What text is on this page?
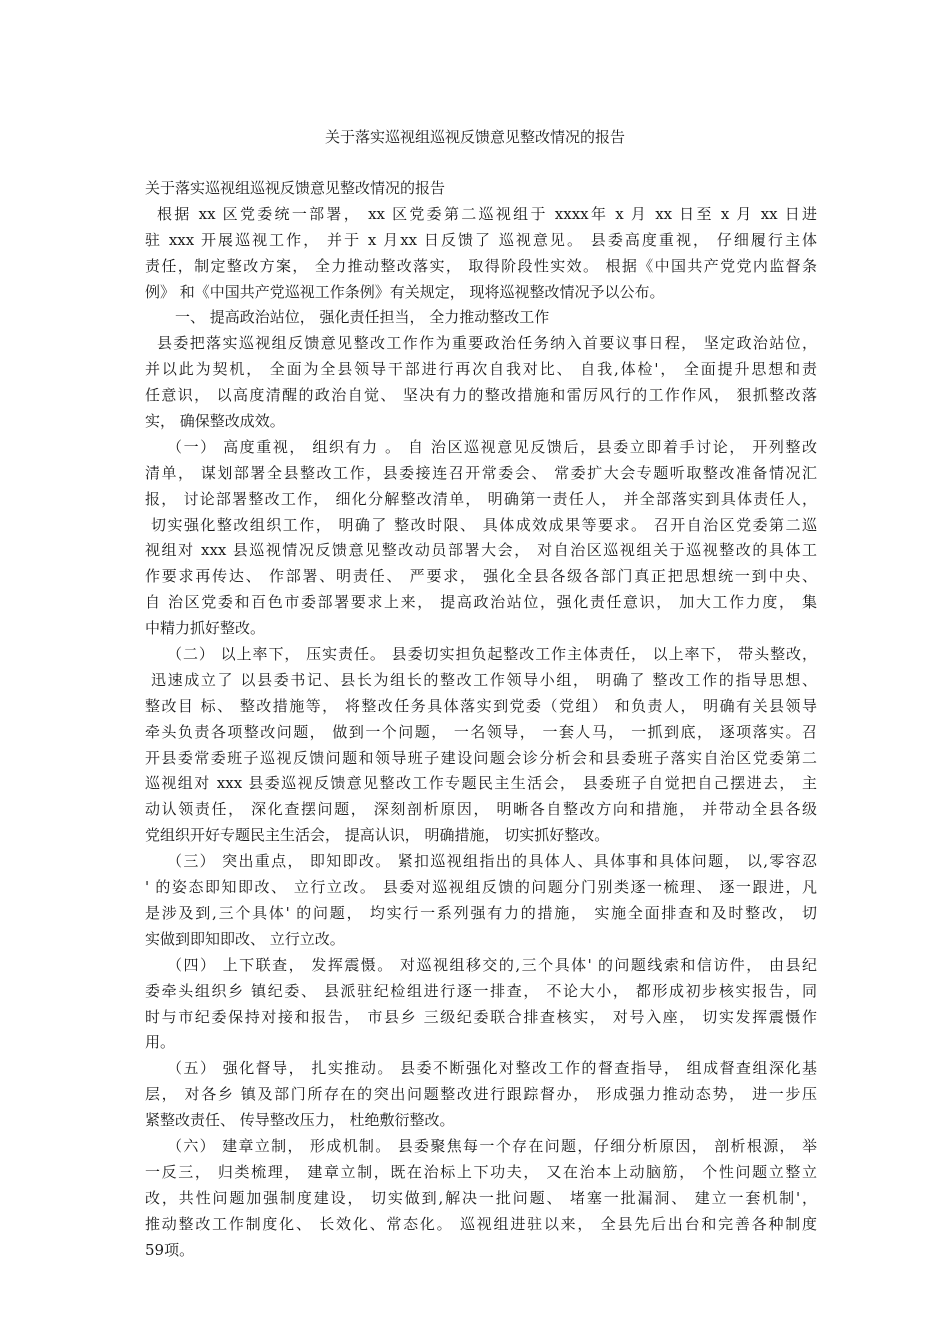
关于落实巡视组巡视反馈意见整改情况的报告
关于落实巡视组巡视反馈意见整改情况的报告
根据 xx 区党委统一部署， xx 区党委第二巡视组于 xxxx年 x 月 xx 日至 x 月 xx 日进
驻 xxx 开展巡视工作， 并于 x 月xx 日反馈了 巡视意见。 县委高度重视， 仔细履行主体
责任，制定整改方案， 全力推动整改落实， 取得阶段性实效。 根据《中国共产党党内监督条
例》 和《中国共产党巡视工作条例》有关规定， 现将巡视整改情况予以公布。
一、 提高政治站位， 强化责任担当， 全力推动整改工作
县委把落实巡视组反馈意见整改工作作为重要政治任务纳入首要议事日程， 坚定政治站位，
并以此为契机， 全面为全县领导干部进行再次自我对比、 自我,体检'， 全面提升思想和责
任意识， 以高度清醒的政治自觉、 坚决有力的整改措施和雷厉风行的工作作风， 狠抓整改落
实， 确保整改成效。
（一） 高度重视， 组织有力 。 自 治区巡视意见反馈后，县委立即着手讨论， 开列整改
清单， 谋划部署全县整改工作，县委接连召开常委会、 常委扩大会专题听取整改准备情况汇
报， 讨论部署整改工作， 细化分解整改清单， 明确第一责任人， 并全部落实到具体责任人，
切实强化整改组织工作， 明确了 整改时限、 具体成效成果等要求。 召开自治区党委第二巡
视组对 xxx 县巡视情况反馈意见整改动员部署大会， 对自治区巡视组关于巡视整改的具体工
作要求再传达、 作部署、明责任、 严要求， 强化全县各级各部门真正把思想统一到中央、
自 治区党委和百色市委部署要求上来， 提高政治站位，强化责任意识， 加大工作力度， 集
中精力抓好整改。
（二） 以上率下， 压实责任。 县委切实担负起整改工作主体责任， 以上率下， 带头整改，
迅速成立了 以县委书记、县长为组长的整改工作领导小组， 明确了 整改工作的指导思想、
整改目 标、 整改措施等， 将整改任务具体落实到党委（党组） 和负责人， 明确有关县领导
牵头负责各项整改问题， 做到一个问题， 一名领导， 一套人马， 一抓到底， 逐项落实。召
开县委常委班子巡视反馈问题和领导班子建设问题会诊分析会和县委班子落实自治区党委第二
巡视组对 xxx 县委巡视反馈意见整改工作专题民主生活会， 县委班子自觉把自己摆进去， 主
动认领责任， 深化查摆问题， 深刻剖析原因， 明晰各自整改方向和措施， 并带动全县各级
党组织开好专题民主生活会， 提高认识， 明确措施， 切实抓好整改。
（三） 突出重点， 即知即改。 紧扣巡视组指出的具体人、具体事和具体问题， 以,零容忍
' 的姿态即知即改、 立行立改。 县委对巡视组反馈的问题分门别类逐一梳理、 逐一跟进，凡
是涉及到,三个具体' 的问题， 均实行一系列强有力的措施， 实施全面排查和及时整改， 切
实做到即知即改、 立行立改。
（四） 上下联查， 发挥震慑。 对巡视组移交的,三个具体' 的问题线索和信访件， 由县纪
委牵头组织乡 镇纪委、 县派驻纪检组进行逐一排查， 不论大小， 都形成初步核实报告，同
时与市纪委保持对接和报告， 市县乡 三级纪委联合排查核实， 对号入座， 切实发挥震慑作
用。
（五） 强化督导， 扎实推动。 县委不断强化对整改工作的督查指导， 组成督查组深化基
层， 对各乡 镇及部门所存在的突出问题整改进行跟踪督办， 形成强力推动态势， 进一步压
紧整改责任、 传导整改压力， 杜绝敷衍整改。
（六） 建章立制， 形成机制。 县委聚焦每一个存在问题，仔细分析原因， 剖析根源， 举
一反三， 归类梳理， 建章立制，既在治标上下功夫， 又在治本上动脑筋， 个性问题立整立
改，共性问题加强制度建设， 切实做到,解决一批问题、 堵塞一批漏洞、 建立一套机制'，
推动整改工作制度化、 长效化、常态化。 巡视组进驻以来， 全县先后出台和完善各种制度
59项。
